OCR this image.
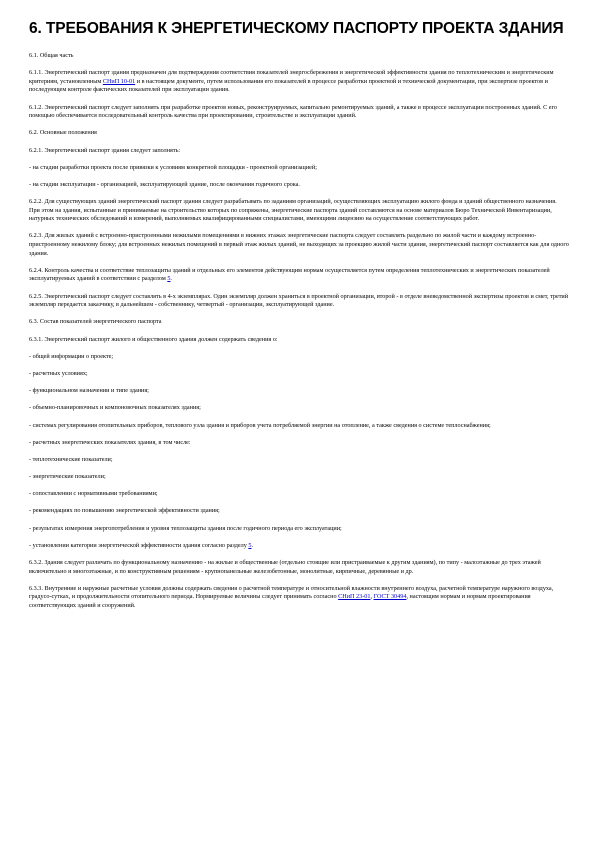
6. ТРЕБОВАНИЯ К ЭНЕРГЕТИЧЕСКОМУ ПАСПОРТУ ПРОЕКТА ЗДАНИЯ

6.1. Общая часть

6.1.1. Энергетический паспорт здания предназначен для подтверждения соответствия показателей энергосбережения и энергетической эффективности здания по теплотехническим и энергетическим критериям, установленным СНиП 10-01 и в настоящем документе, путем использования его показателей в процессе разработки проектной и технической документации, при экспертизе проектов и последующем контроле фактических показателей при эксплуатации здания.

6.1.2. Энергетический паспорт следует заполнять при разработке проектов новых, реконструируемых, капитально ремонтируемых зданий, а также в процессе эксплуатации построенных зданий. С его помощью обеспечивается последовательный контроль качества при проектировании, строительстве и эксплуатации зданий.

6.2. Основные положения

6.2.1. Энергетический паспорт здания следует заполнять:

- на стадии разработки проекта после привязки к условиям конкретной площадки - проектной организацией;

- на стадии эксплуатации - организацией, эксплуатирующей здание, после окончания годичного срока.

6.2.2. Для существующих зданий энергетический паспорт здания следует разрабатывать по заданиям организаций, осуществляющих эксплуатацию жилого фонда и зданий общественного назначения. При этом на здания, испытанные и принимаемые на строительство которых по сопряжены, энергетические паспорта зданий составляются на основе материалов Бюро Технической Инвентаризации, натурных технических обследований и измерений, выполняемых квалифицированными специалистами, имеющими лицензию на осуществление соответствующих работ.

6.2.3. Для жилых зданий с встроенно-пристроенными нежилыми помещениями в нижних этажах энергетические паспорта следует составлять раздельно по жилой части и каждому встроенно-пристроенному нежилому блоку; для встроенных нежилых помещений в первый этаж жилых зданий, не выходящих за проекцию жилой части здания, энергетический паспорт составляется как для одного здания.

6.2.4. Контроль качества и соответствие теплозащиты зданий и отдельных его элементов действующим нормам осуществляется путем определения теплотехнических и энергетических показателей эксплуатируемых зданий в соответствии с разделом 5.

6.2.5. Энергетический паспорт следует составлять в 4-х экземплярах. Один экземпляр должен храниться в проектной организации, второй - в отделе вневедомственной экспертизы проектов и смет, третий экземпляр передается заказчику, в дальнейшем - собственнику, четвертый - организации, эксплуатирующей здание.

6.3. Состав показателей энергетического паспорта

6.3.1. Энергетический паспорт жилого и общественного здания должен содержать сведения о:

- общей информации о проекте;

- расчетных условиях;

- функциональном назначении и типе здания;

- объемно-планировочных и компоновочных показателях здания;

- системах регулирования отопительных приборов, теплового узла здания и приборов учета потребляемой энергии на отопление, а также сведения о системе теплоснабжения;

- расчетных энергетических показателях здания, в том числе:

- теплотехнические показатели;

- энергетические показатели;

- сопоставлении с нормативными требованиями;

- рекомендациях по повышению энергетической эффективности здания;

- результатах измерения энергопотребления и уровня теплозащиты здания после годичного периода его эксплуатации;

- установлении категории энергетической эффективности здания согласно разделу 5.

6.3.2. Здания следует различать по функциональному назначению - на жилые и общественные (отдельно стоящие или пристраиваемые к другим зданиям), по типу - малоэтажные до трех этажей включительно и многоэтажные, и по конструктивным решениям - крупнопанельные железобетонные, монолитные, кирпичные, деревянные и др.

6.3.3. Внутренние и наружные расчетные условия должны содержать сведения о расчетной температуре и относительной влажности внутреннего воздуха, расчетной температуре наружного воздуха, градусо-сутках, и продолжительности отопительного периода. Нормируемые величины следует принимать согласно СНиП 23-01, ГОСТ 30494, настоящим нормам и нормам проектирования соответствующих зданий и сооружений.
